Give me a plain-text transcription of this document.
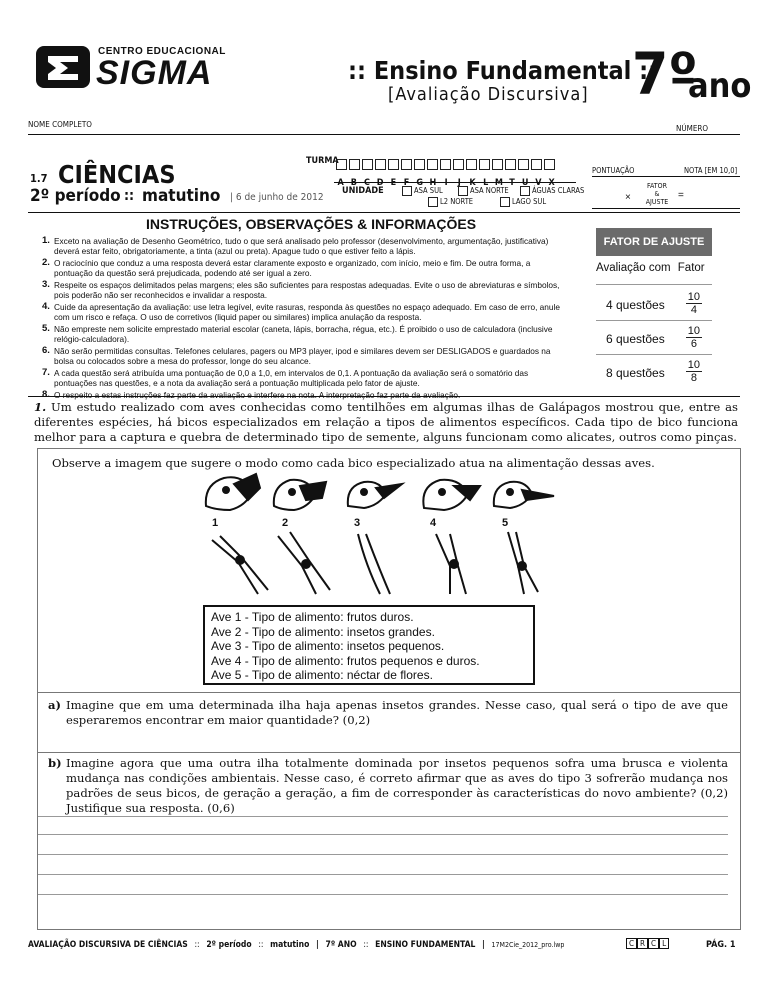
CENTRO EDUCACIONAL
SIGMA	:: Ensino Fundamental ::
[Avaliação Discursiva] 7º
ano
NOME COMPLETO	NÚMERO
1.7 CIÊNCIAS
2º período :: matutino | 6 de junho de 2012
TURMA
A B C D E F G H I J K L M T U V X
UNIDADE	ASA SUL	ASA NORTE	ÁGUAS CLARAS
L2 NORTE	LAGO SUL
PONTUAÇÃO	NOTA [EM 10,0]
×
FATOR
&
AJUSTE
=
INSTRUÇÕES, OBSERVAÇÕES & INFORMAÇÕES
1. Exceto na avaliação de Desenho Geométrico, tudo o que será analisado pelo professor (desenvolvimento, argumentação, justificativa) deverá estar feito, obrigatoriamente, a tinta (azul ou preta). Apague tudo o que estiver feito a lápis.
2. O raciocínio que conduz a uma resposta deverá estar claramente exposto e organizado, com início, meio e fim. De outra forma, a pontuação da questão será prejudicada, podendo até ser igual a zero.
3. Respeite os espaços delimitados pelas margens; eles são suficientes para respostas adequadas. Evite o uso de abreviaturas e símbolos, pois poderão não ser reconhecidos e invalidar a resposta.
4. Cuide da apresentação da avaliação: use letra legível, evite rasuras, responda às questões no espaço adequado. Em caso de erro, anule com um risco e refaça. O uso de corretivos (liquid paper ou similares) implica anulação da resposta.
5. Não empreste nem solicite emprestado material escolar (caneta, lápis, borracha, régua, etc.). É proibido o uso de calculadora (inclusive relógio-calculadora).
6. Não serão permitidas consultas. Telefones celulares, pagers ou MP3 player, ipod e similares devem ser DESLIGADOS e guardados na bolsa ou colocados sobre a mesa do professor, longe do seu alcance.
7. A cada questão será atribuída uma pontuação de 0,0 a 1,0, em intervalos de 0,1. A pontuação da avaliação será o somatório das pontuações nas questões, e a nota da avaliação será a pontuação multiplicada pelo fator de ajuste.
8. O respeito a estas instruções faz parte da avaliação e interfere na nota. A interpretação faz parte da avaliação.
FATOR DE AJUSTE
Avaliação com Fator
4 questões $\frac{10}{4}$
6 questões $\frac{10}{6}$
8 questões $\frac{10}{8}$
1. Um estudo realizado com aves conhecidas como tentilhões em algumas ilhas de Galápagos mostrou que, entre as diferentes espécies, há bicos especializados em relação a tipos de alimentos específicos. Cada tipo de bico funciona melhor para a captura e quebra de determinado tipo de semente, alguns funcionam como alicates, outros como pinças.
Observe a imagem que sugere o modo como cada bico especializado atua na alimentação dessas aves.
1	2	3	4	5
Ave 1 - Tipo de alimento: frutos duros.
Ave 2 - Tipo de alimento: insetos grandes.
Ave 3 - Tipo de alimento: insetos pequenos.
Ave 4 - Tipo de alimento: frutos pequenos e duros.
Ave 5 - Tipo de alimento: néctar de flores.
a) Imagine que em uma determinada ilha haja apenas insetos grandes. Nesse caso, qual será o tipo de ave que esperaremos encontrar em maior quantidade? (0,2)
b) Imagine agora que uma outra ilha totalmente dominada por insetos pequenos sofra uma brusca e violenta mudança nas condições ambientais. Nesse caso, é correto afirmar que as aves do tipo 3 sofrerão mudança nos padrões de seus bicos, de geração a geração, a fim de corresponder às características do novo ambiente? (0,2) Justifique sua resposta. (0,6)
AVALIAÇÃO DISCURSIVA DE CIÊNCIAS :: 2º período :: matutino | 7º ANO :: ENSINO FUNDAMENTAL | 17M2Cie_2012_pro.lwp	C R C L	PÁG. 1
